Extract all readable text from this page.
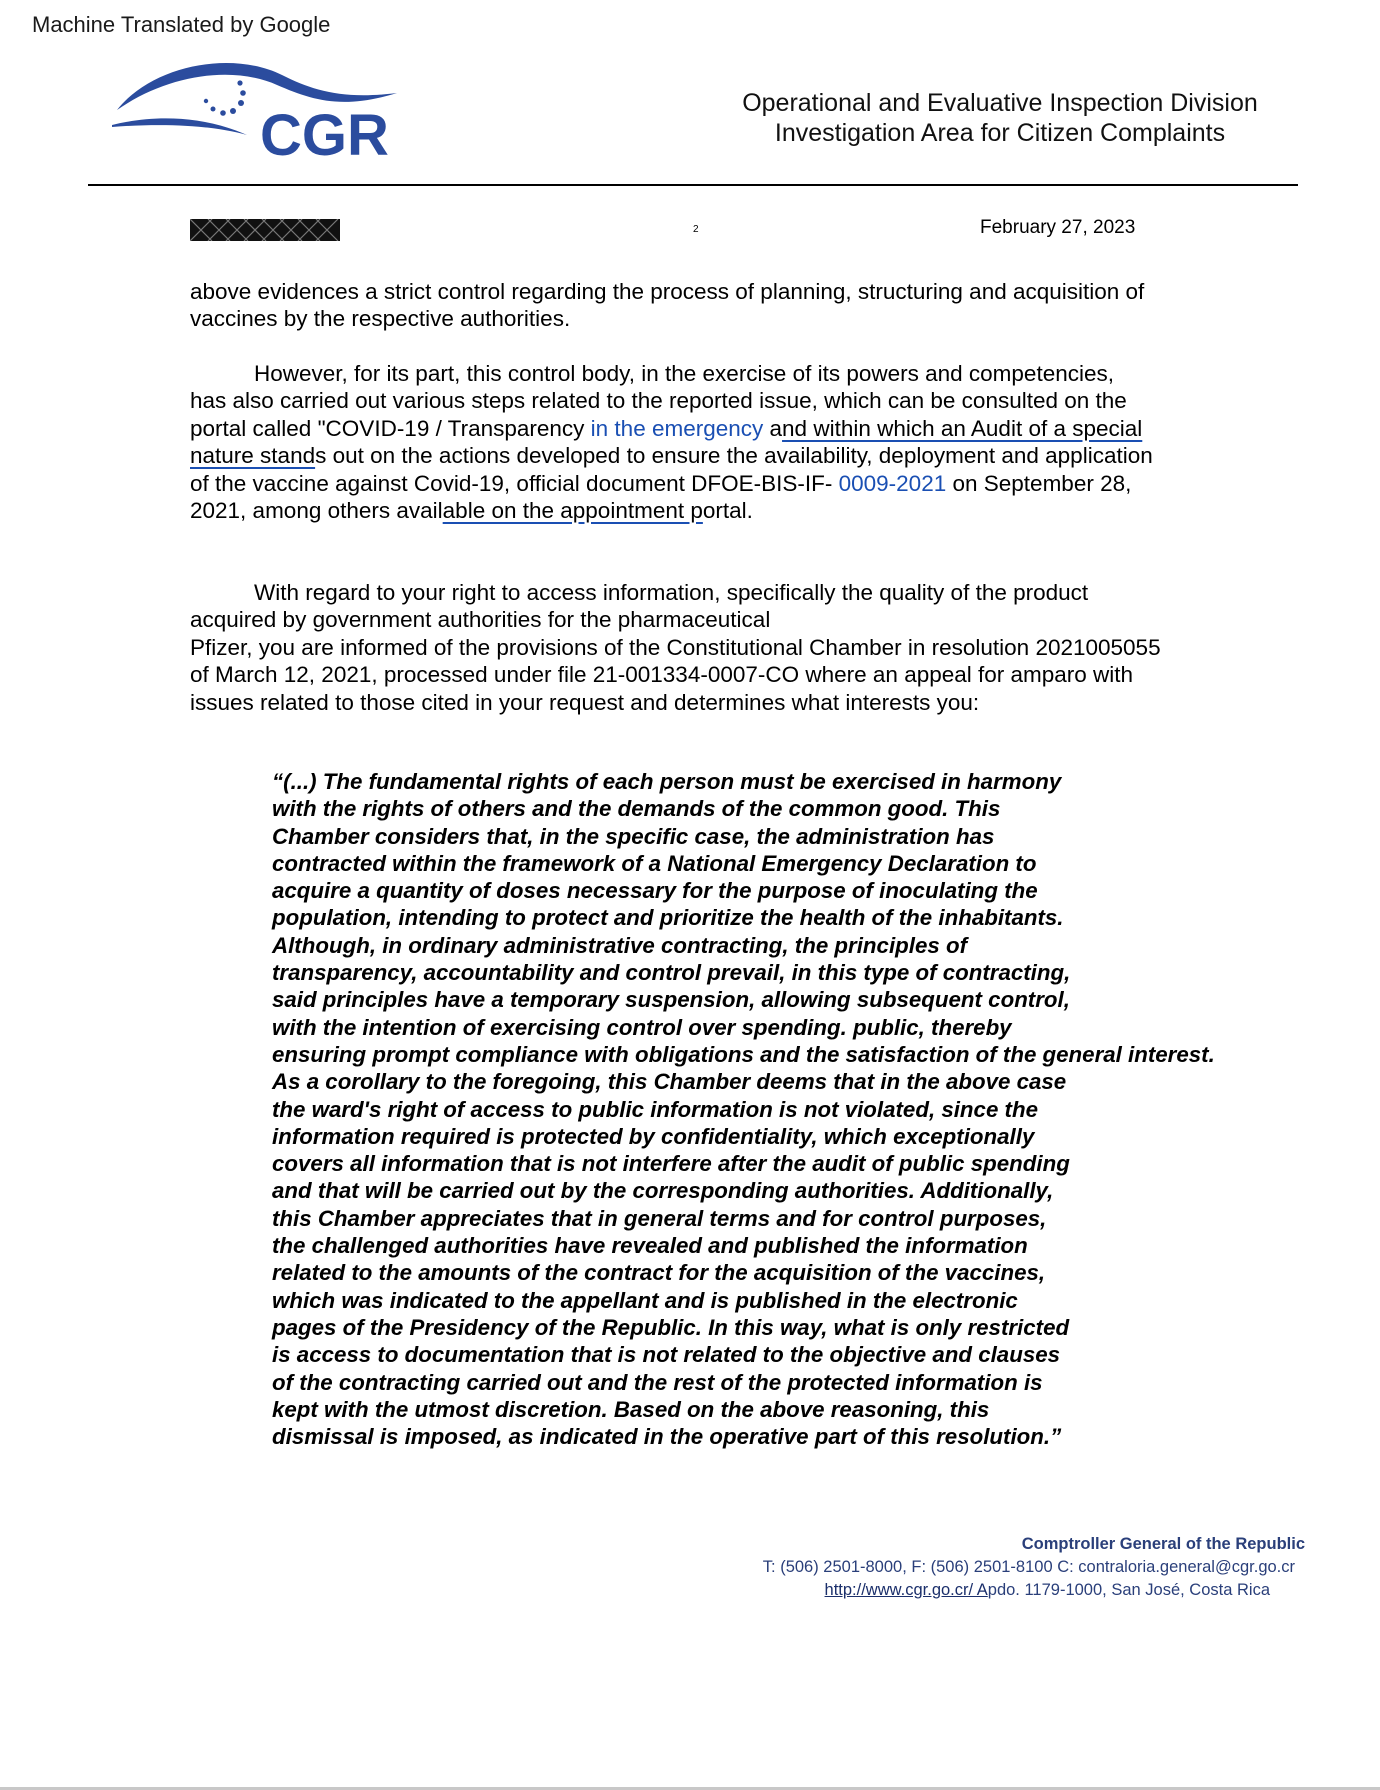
Machine Translated by Google
CGR	Operational and Evaluative Inspection Division
Investigation Area for Citizen Complaints
2	February 27, 2023
above evidences a strict control regarding the process of planning, structuring and acquisition of
vaccines by the respective authorities.
However, for its part, this control body, in the exercise of its powers and competencies,
has also carried out various steps related to the reported issue, which can be consulted on the
portal called "COVID-19 / Transparency in the emergency and within which an Audit of a special
nature stands out on the actions developed to ensure the availability, deployment and application
of the vaccine against Covid-19, official document DFOE-BIS-IF- 0009-2021 on September 28,
2021, among others available on the appointment portal.
With regard to your right to access information, specifically the quality of the product
acquired by government authorities for the pharmaceutical
Pfizer, you are informed of the provisions of the Constitutional Chamber in resolution 2021005055
of March 12, 2021, processed under file 21-001334-0007-CO where an appeal for amparo with
issues related to those cited in your request and determines what interests you:
“(...) The fundamental rights of each person must be exercised in harmony
with the rights of others and the demands of the common good. This
Chamber considers that, in the specific case, the administration has
contracted within the framework of a National Emergency Declaration to
acquire a quantity of doses necessary for the purpose of inoculating the
population, intending to protect and prioritize the health of the inhabitants.
Although, in ordinary administrative contracting, the principles of
transparency, accountability and control prevail, in this type of contracting,
said principles have a temporary suspension, allowing subsequent control,
with the intention of exercising control over spending. public, thereby
ensuring prompt compliance with obligations and the satisfaction of the general interest.
As a corollary to the foregoing, this Chamber deems that in the above case
the ward's right of access to public information is not violated, since the
information required is protected by confidentiality, which exceptionally
covers all information that is not interfere after the audit of public spending
and that will be carried out by the corresponding authorities. Additionally,
this Chamber appreciates that in general terms and for control purposes,
the challenged authorities have revealed and published the information
related to the amounts of the contract for the acquisition of the vaccines,
which was indicated to the appellant and is published in the electronic
pages of the Presidency of the Republic. In this way, what is only restricted
is access to documentation that is not related to the objective and clauses
of the contracting carried out and the rest of the protected information is
kept with the utmost discretion. Based on the above reasoning, this
dismissal is imposed, as indicated in the operative part of this resolution.”
Comptroller General of the Republic
T: (506) 2501-8000, F: (506) 2501-8100 C: contraloria.general@cgr.go.cr
http://www.cgr.go.cr/ Apdo. 1179-1000, San José, Costa Rica
